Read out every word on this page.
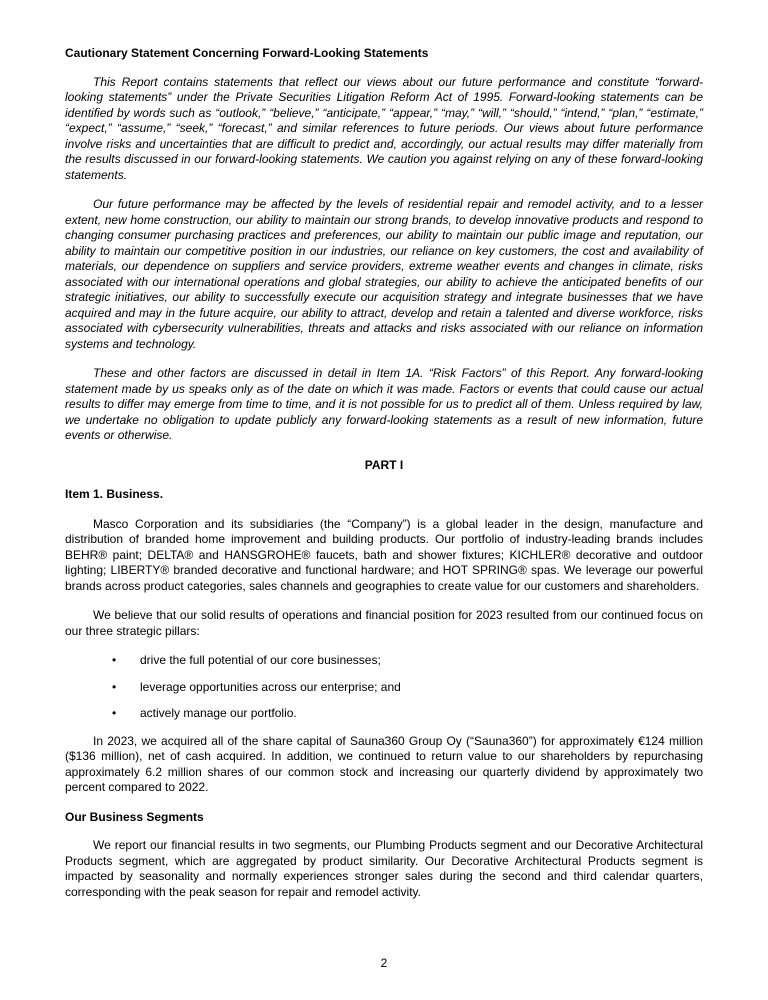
Cautionary Statement Concerning Forward-Looking Statements

This Report contains statements that reflect our views about our future performance and constitute “forward-looking statements” under the Private Securities Litigation Reform Act of 1995. Forward-looking statements can be identified by words such as “outlook,” “believe,” “anticipate,” “appear,” “may,” “will,” “should,” “intend,” “plan,” “estimate,” “expect,” “assume,” “seek,” “forecast,” and similar references to future periods. Our views about future performance involve risks and uncertainties that are difficult to predict and, accordingly, our actual results may differ materially from the results discussed in our forward-looking statements. We caution you against relying on any of these forward-looking statements.

Our future performance may be affected by the levels of residential repair and remodel activity, and to a lesser extent, new home construction, our ability to maintain our strong brands, to develop innovative products and respond to changing consumer purchasing practices and preferences, our ability to maintain our public image and reputation, our ability to maintain our competitive position in our industries, our reliance on key customers, the cost and availability of materials, our dependence on suppliers and service providers, extreme weather events and changes in climate, risks associated with our international operations and global strategies, our ability to achieve the anticipated benefits of our strategic initiatives, our ability to successfully execute our acquisition strategy and integrate businesses that we have acquired and may in the future acquire, our ability to attract, develop and retain a talented and diverse workforce, risks associated with cybersecurity vulnerabilities, threats and attacks and risks associated with our reliance on information systems and technology.

These and other factors are discussed in detail in Item 1A. “Risk Factors” of this Report. Any forward-looking statement made by us speaks only as of the date on which it was made. Factors or events that could cause our actual results to differ may emerge from time to time, and it is not possible for us to predict all of them. Unless required by law, we undertake no obligation to update publicly any forward-looking statements as a result of new information, future events or otherwise.

PART I
Item 1. Business.

Masco Corporation and its subsidiaries (the “Company”) is a global leader in the design, manufacture and distribution of branded home improvement and building products. Our portfolio of industry-leading brands includes BEHR® paint; DELTA® and HANSGROHE® faucets, bath and shower fixtures; KICHLER® decorative and outdoor lighting; LIBERTY® branded decorative and functional hardware; and HOT SPRING® spas. We leverage our powerful brands across product categories, sales channels and geographies to create value for our customers and shareholders.

We believe that our solid results of operations and financial position for 2023 resulted from our continued focus on our three strategic pillars:

• drive the full potential of our core businesses;
• leverage opportunities across our enterprise; and
• actively manage our portfolio.

In 2023, we acquired all of the share capital of Sauna360 Group Oy (“Sauna360”) for approximately €124 million ($136 million), net of cash acquired. In addition, we continued to return value to our shareholders by repurchasing approximately 6.2 million shares of our common stock and increasing our quarterly dividend by approximately two percent compared to 2022.

Our Business Segments

We report our financial results in two segments, our Plumbing Products segment and our Decorative Architectural Products segment, which are aggregated by product similarity. Our Decorative Architectural Products segment is impacted by seasonality and normally experiences stronger sales during the second and third calendar quarters, corresponding with the peak season for repair and remodel activity.

2
